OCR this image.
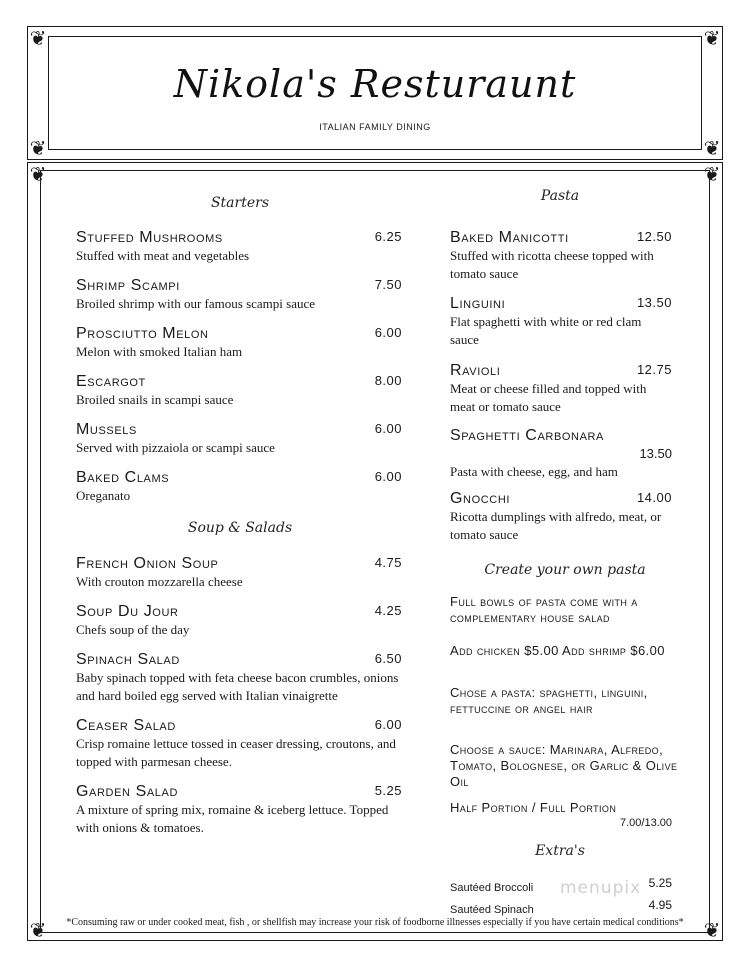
❦	❦
❦	❦
Nikola's Resturaunt
ITALIAN FAMILY DINING
❦	❦
❦	❦
Starters
Stuffed Mushrooms	6.25
Stuffed with meat and vegetables
Shrimp Scampi	7.50
Broiled shrimp with our famous scampi sauce
Prosciutto Melon	6.00
Melon with smoked Italian ham
Escargot	8.00
Broiled snails in scampi sauce
Mussels	6.00
Served with pizzaiola or scampi sauce
Baked Clams	6.00
Oreganato
Soup & Salads
French Onion Soup	4.75
With crouton mozzarella cheese
Soup Du Jour	4.25
Chefs soup of the day
Spinach Salad	6.50
Baby spinach topped with feta cheese bacon crumbles, onions and hard boiled egg served with Italian vinaigrette
Ceaser Salad	6.00
Crisp romaine lettuce tossed in ceaser dressing, croutons, and topped with parmesan cheese.
Garden Salad	5.25
A mixture of spring mix, romaine & iceberg lettuce. Topped with onions & tomatoes.
Pasta
Baked Manicotti	12.50
Stuffed with ricotta cheese topped with tomato sauce
Linguini	13.50
Flat spaghetti with white or red clam sauce
Ravioli	12.75
Meat or cheese filled and topped with meat or tomato sauce
Spaghetti Carbonara
13.50
Pasta with cheese, egg, and ham
Gnocchi	14.00
Ricotta dumplings with alfredo, meat, or tomato sauce
Create your own pasta
Full bowls of pasta come with a complementary house salad
Add chicken $5.00 Add shrimp $6.00
Chose a pasta: spaghetti, linguini, fettuccine or angel hair
Choose a sauce: Marinara, Alfredo, Tomato, Bolognese, or Garlic & Olive Oil
Half Portion / Full Portion
7.00/13.00
Extra's
Sautéed Broccoli	5.25
Sautéed Spinach	4.95
menupix
*Consuming raw or under cooked meat, fish , or shellfish may increase your risk of foodborne illnesses especially if you have certain medical conditions*
